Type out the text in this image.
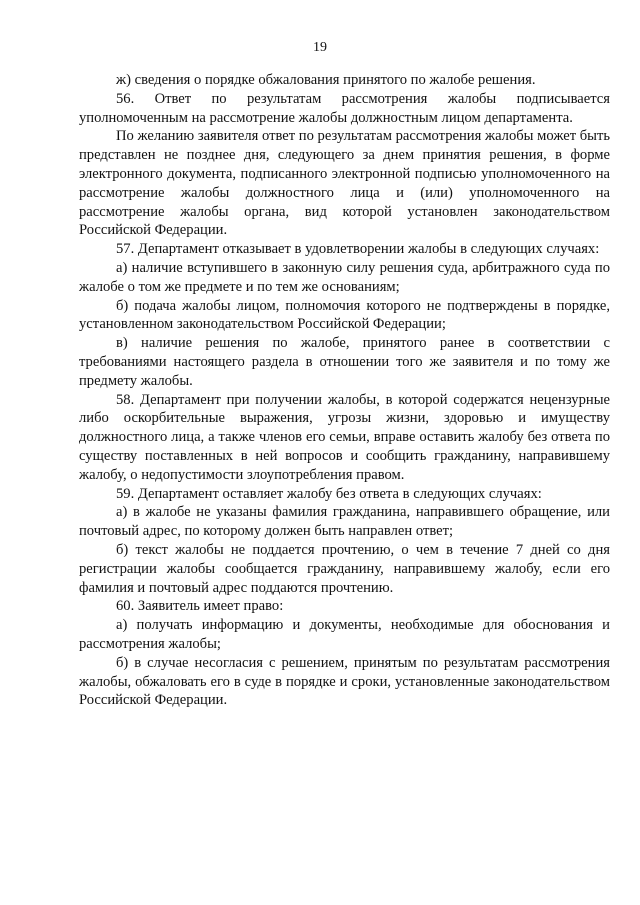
19

ж) сведения о порядке обжалования принятого по жалобе решения.

56. Ответ по результатам рассмотрения жалобы подписывается уполномоченным на рассмотрение жалобы должностным лицом департамента.

По желанию заявителя ответ по результатам рассмотрения жалобы может быть представлен не позднее дня, следующего за днем принятия решения, в форме электронного документа, подписанного электронной подписью уполномоченного на рассмотрение жалобы должностного лица и (или) уполномоченного на рассмотрение жалобы органа, вид которой установлен законодательством Российской Федерации.

57. Департамент отказывает в удовлетворении жалобы в следующих случаях:

а) наличие вступившего в законную силу решения суда, арбитражного суда по жалобе о том же предмете и по тем же основаниям;

б) подача жалобы лицом, полномочия которого не подтверждены в порядке, установленном законодательством Российской Федерации;

в) наличие решения по жалобе, принятого ранее в соответствии с требованиями настоящего раздела в отношении того же заявителя и по тому же предмету жалобы.

58. Департамент при получении жалобы, в которой содержатся нецензурные либо оскорбительные выражения, угрозы жизни, здоровью и имуществу должностного лица, а также членов его семьи, вправе оставить жалобу без ответа по существу поставленных в ней вопросов и сообщить гражданину, направившему жалобу, о недопустимости злоупотребления правом.

59. Департамент оставляет жалобу без ответа в следующих случаях:

а) в жалобе не указаны фамилия гражданина, направившего обращение, или почтовый адрес, по которому должен быть направлен ответ;

б) текст жалобы не поддается прочтению, о чем в течение 7 дней со дня регистрации жалобы сообщается гражданину, направившему жалобу, если его фамилия и почтовый адрес поддаются прочтению.

60. Заявитель имеет право:

а) получать информацию и документы, необходимые для обоснования и рассмотрения жалобы;

б) в случае несогласия с решением, принятым по результатам рассмотрения жалобы, обжаловать его в суде в порядке и сроки, установленные законодательством Российской Федерации.
